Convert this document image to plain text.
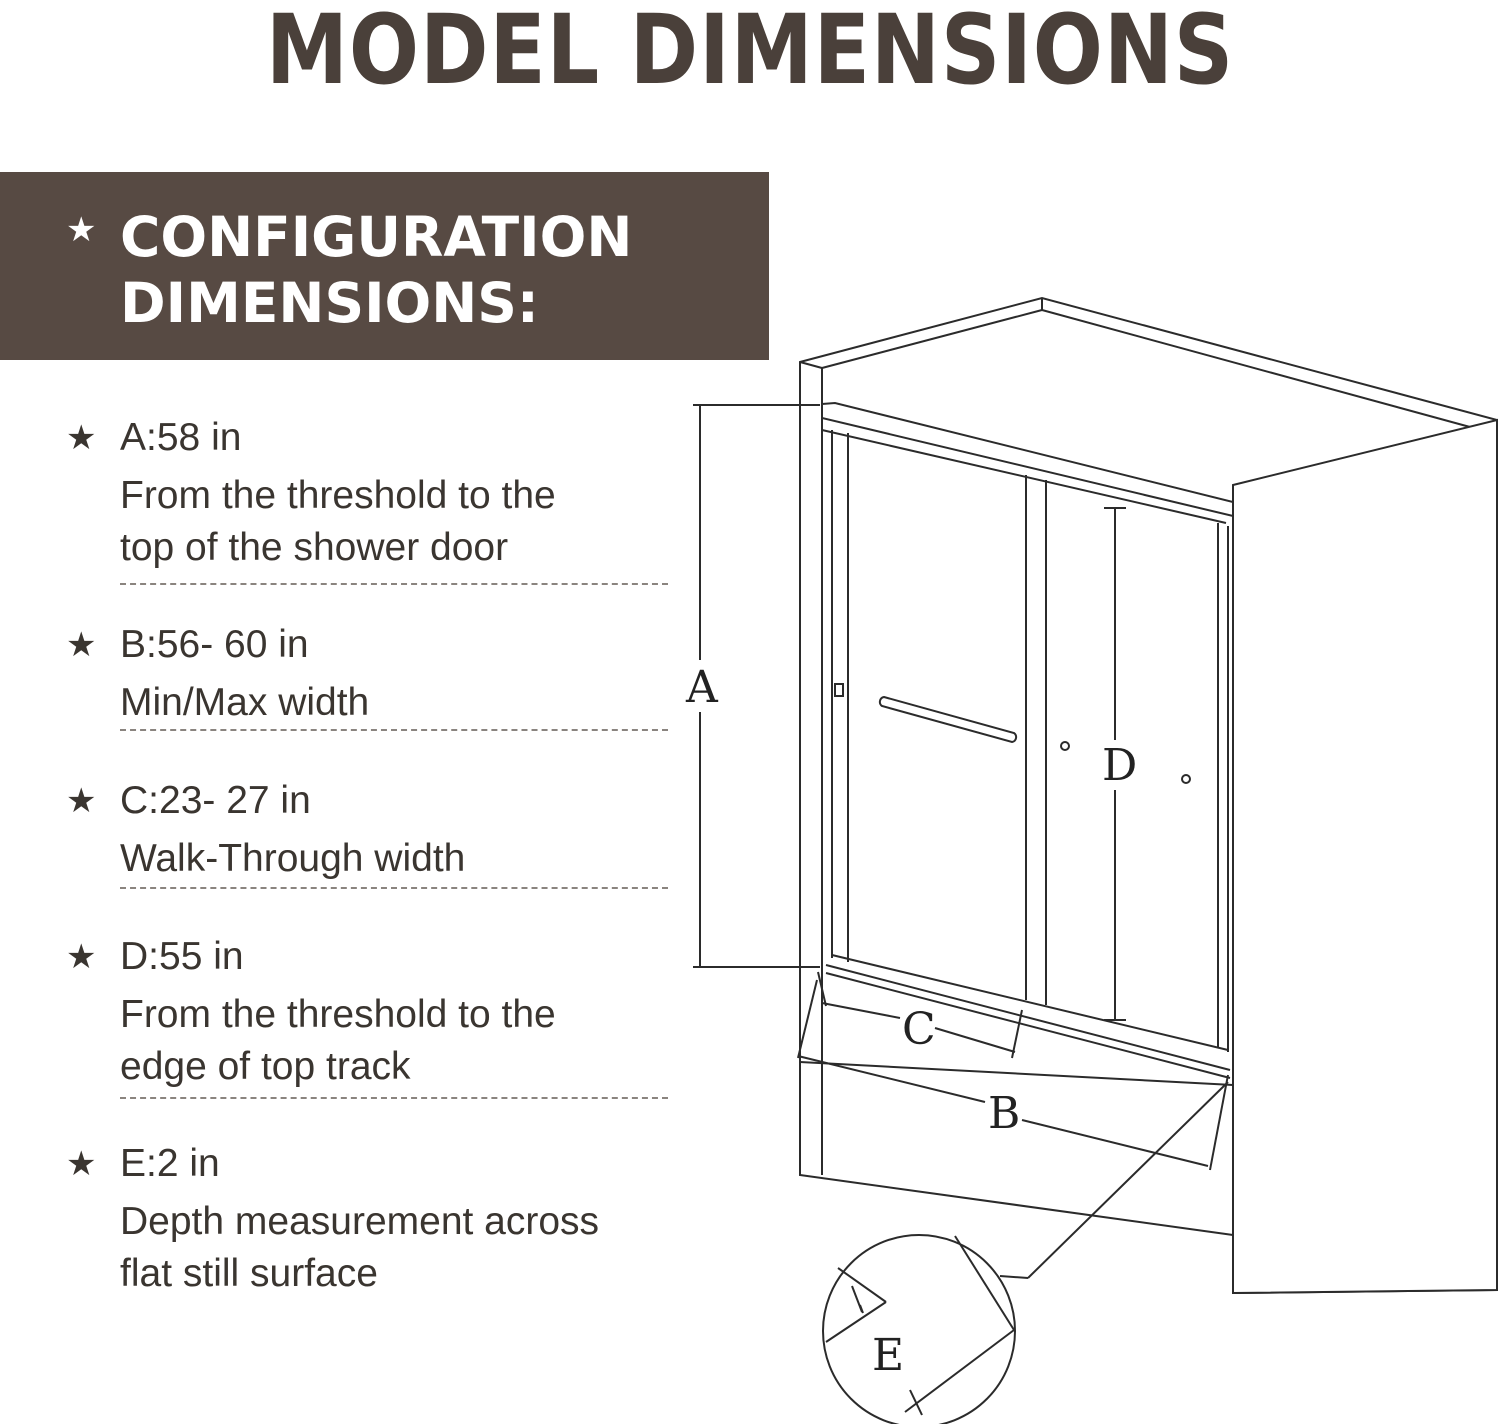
MODEL DIMENSIONS
★ CONFIGURATION
DIMENSIONS:
★ A:58 in
From the threshold to the
top of the shower door
★ B:56- 60 in
Min/Max width
★ C:23- 27 in
Walk-Through width
★ D:55 in
From the threshold to the
edge of top track
★ E:2 in
Depth measurement across
flat still surface
A
D
C
B
E
